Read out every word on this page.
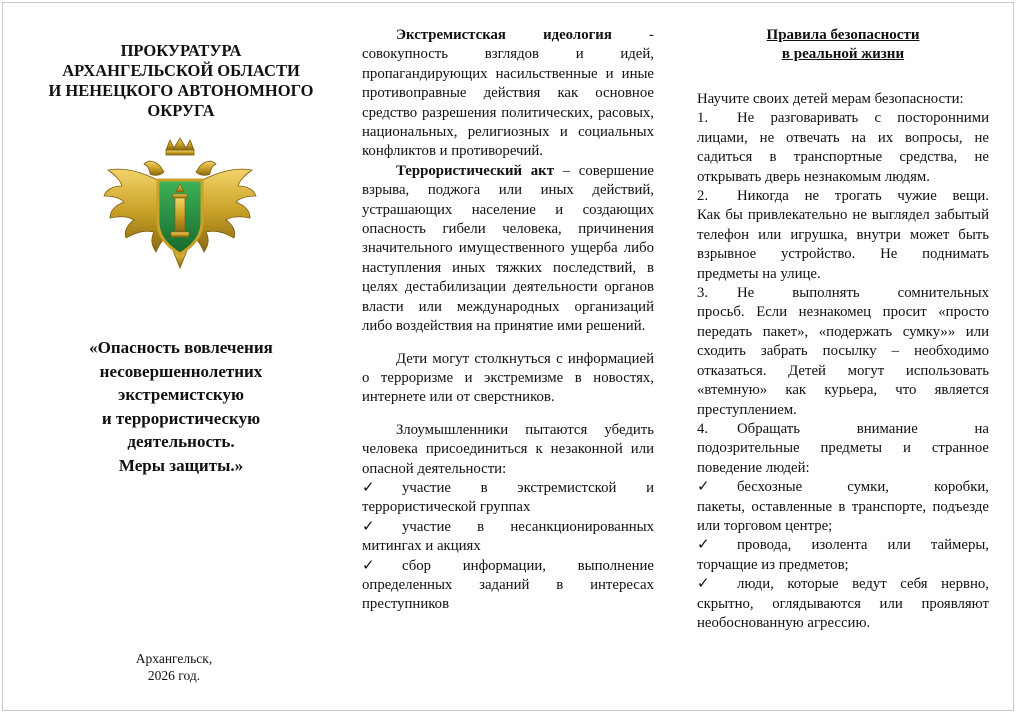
ПРОКУРАТУРА
АРХАНГЕЛЬСКОЙ ОБЛАСТИ
И НЕНЕЦКОГО АВТОНОМНОГО
ОКРУГА
«Опасность вовлечения
несовершеннолетних
экстремистскую
и террористическую
деятельность.
Меры защиты.»
Архангельск,
2026 год.

Экстремистская идеология - совокупность взглядов и идей, пропагандирующих насильственные и иные противоправные действия как основное средство разрешения политических, расовых, национальных, религиозных и социальных конфликтов и противоречий.

Террористический акт – совершение взрыва, поджога или иных действий, устрашающих население и создающих опасность гибели человека, причинения значительного имущественного ущерба либо наступления иных тяжких последствий, в целях дестабилизации деятельности органов власти или международных организаций либо воздействия на принятие ими решений.

Дети могут столкнуться с информацией о терроризме и экстремизме в новостях, интернете или от сверстников.

Злоумышленники пытаются убедить человека присоединиться к незаконной или опасной деятельности:

✓	участие в экстремистской и
террористической группах
✓	участие в несанкционированных
митингах и акциях
✓	сбор информации, выполнение
определенных заданий в интересах преступников
Правила безопасности
в реальной жизни

Научите своих детей мерам безопасности:

1.	Не разговаривать с посторонними
лицами, не отвечать на их вопросы, не садиться в транспортные средства, не открывать дверь незнакомым людям.
2.	Никогда не трогать чужие вещи.
Как бы привлекательно не выглядел забытый телефон или игрушка, внутри может быть взрывное устройство. Не поднимать предметы на улице.
3.	Не выполнять сомнительных
просьб. Если незнакомец просит «просто передать пакет», «подержать сумку»» или сходить забрать посылку – необходимо отказаться. Детей могут использовать «втемную» как курьера, что является преступлением.
4.	Обращать внимание на
подозрительные предметы и странное поведение людей:
✓	бесхозные сумки, коробки,
пакеты, оставленные в транспорте, подъезде или торговом центре;
✓	провода, изолента или таймеры,
торчащие из предметов;
✓	люди, которые ведут себя нервно,
скрытно, оглядываются или проявляют необоснованную агрессию.
